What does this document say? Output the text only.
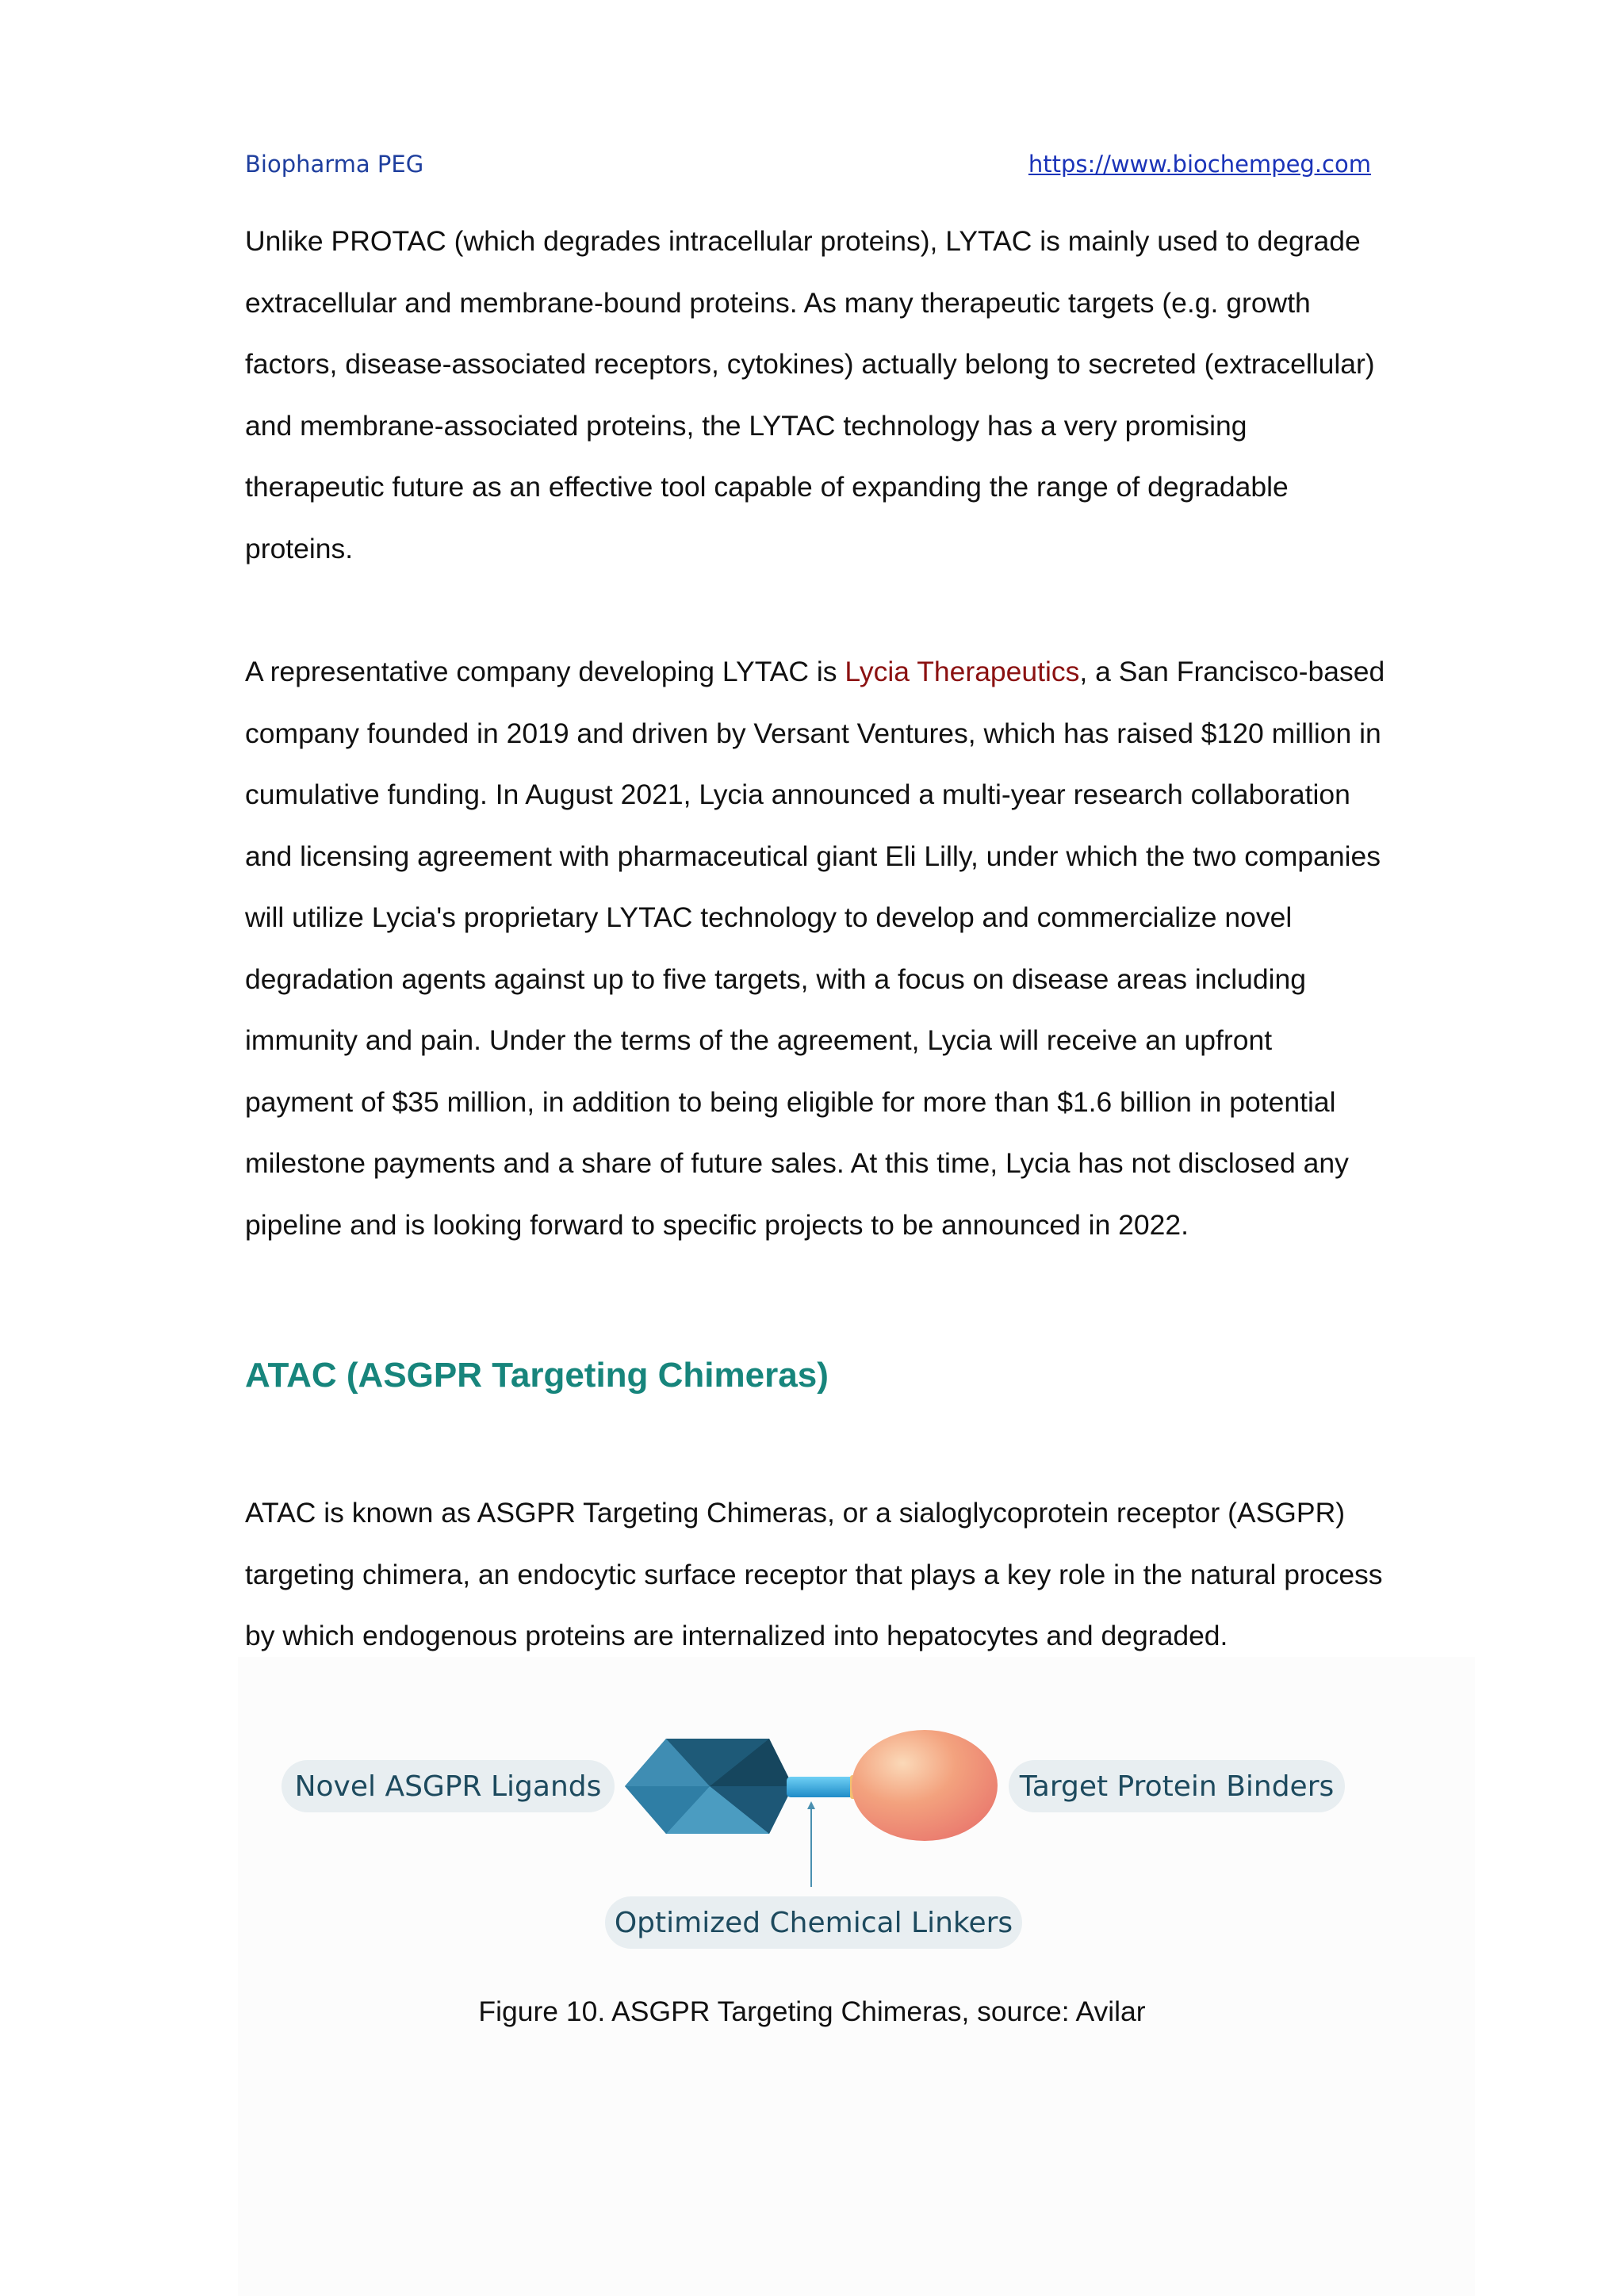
Biopharma PEG	https://www.biochempeg.com

Unlike PROTAC (which degrades intracellular proteins), LYTAC is mainly used to degrade extracellular and membrane-bound proteins. As many therapeutic targets (e.g. growth factors, disease-associated receptors, cytokines) actually belong to secreted (extracellular) and membrane-associated proteins, the LYTAC technology has a very promising therapeutic future as an effective tool capable of expanding the range of degradable proteins.

A representative company developing LYTAC is Lycia Therapeutics, a San Francisco-based company founded in 2019 and driven by Versant Ventures, which has raised $120 million in cumulative funding. In August 2021, Lycia announced a multi-year research collaboration and licensing agreement with pharmaceutical giant Eli Lilly, under which the two companies will utilize Lycia's proprietary LYTAC technology to develop and commercialize novel degradation agents against up to five targets, with a focus on disease areas including immunity and pain. Under the terms of the agreement, Lycia will receive an upfront payment of $35 million, in addition to being eligible for more than $1.6 billion in potential milestone payments and a share of future sales. At this time, Lycia has not disclosed any pipeline and is looking forward to specific projects to be announced in 2022.

ATAC (ASGPR Targeting Chimeras)

ATAC is known as ASGPR Targeting Chimeras, or a sialoglycoprotein receptor (ASGPR) targeting chimera, an endocytic surface receptor that plays a key role in the natural process by which endogenous proteins are internalized into hepatocytes and degraded.

Novel ASGPR Ligands	Target Protein Binders
Optimized Chemical Linkers

Figure 10. ASGPR Targeting Chimeras, source: Avilar
